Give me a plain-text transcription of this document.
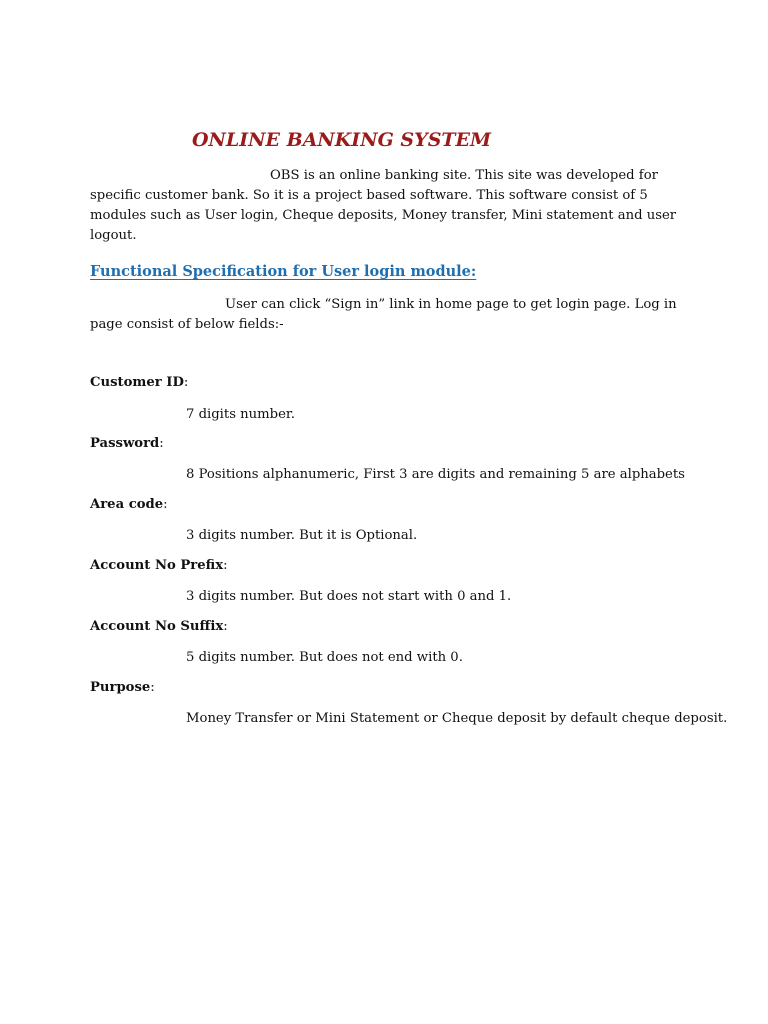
ONLINE BANKING SYSTEM

OBS is an online banking site. This site was developed for specific customer bank. So it is a project based software. This software consist of 5 modules such as User login, Cheque deposits, Money transfer, Mini statement and user logout.

Functional Specification for User login module:

User can click “Sign in” link in home page to get login page. Log in page consist of below fields:-

Customer ID:

7 digits number.

Password:

8 Positions alphanumeric, First 3 are digits and remaining 5 are alphabets

Area code:

3 digits number. But it is Optional.

Account No Prefix:

3 digits number. But does not start with 0 and 1.

Account No Suffix:

5 digits number. But does not end with 0.

Purpose:

Money Transfer or Mini Statement or Cheque deposit by default cheque deposit.
